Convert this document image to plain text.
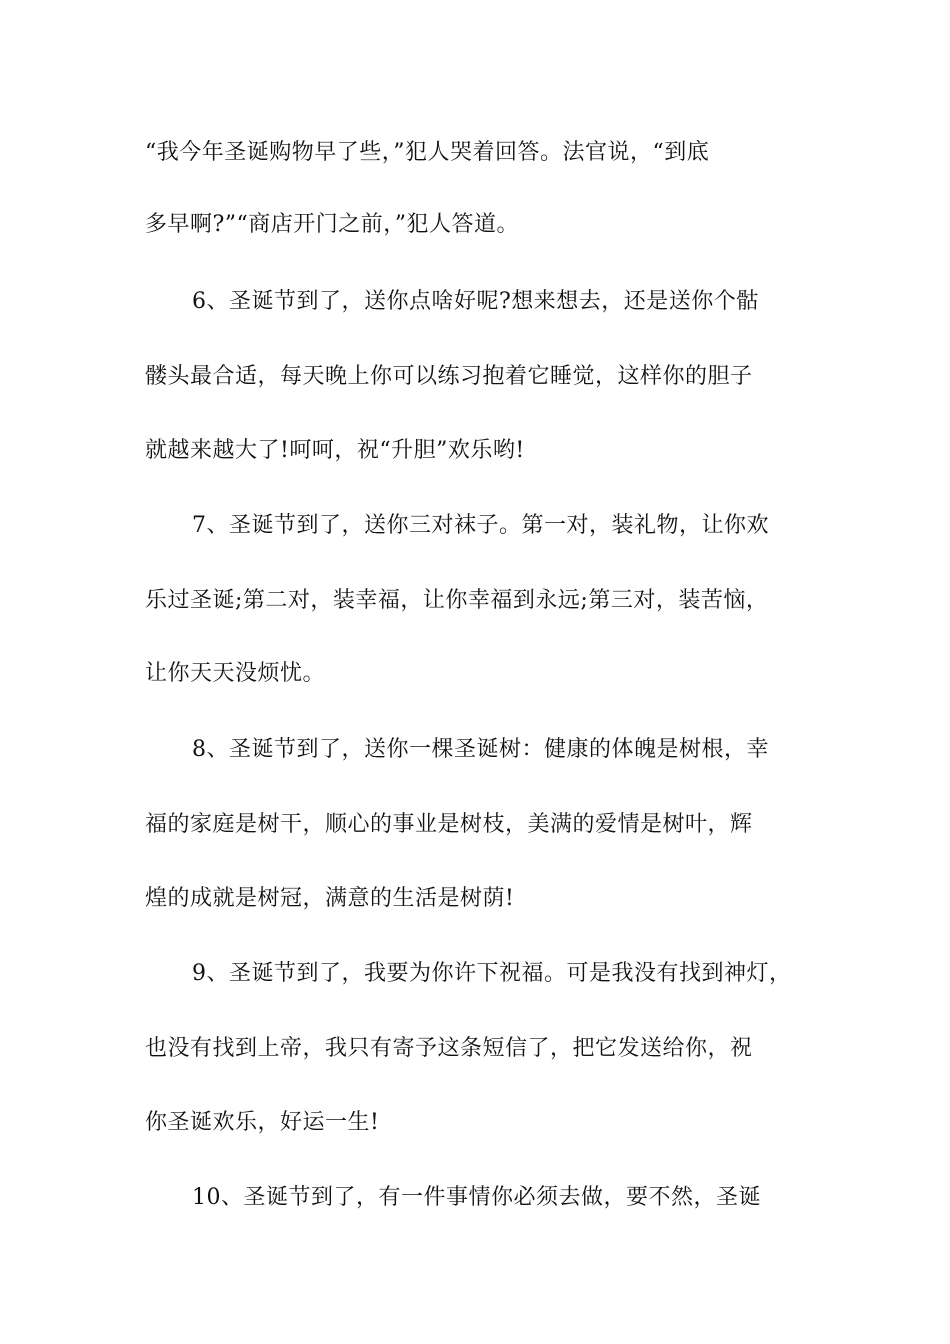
“我今年圣诞购物早了些，”犯人哭着回答。法官说，“到底
多早啊?”“商店开门之前，”犯人答道。
6、圣诞节到了，送你点啥好呢?想来想去，还是送你个骷
髅头最合适，每天晚上你可以练习抱着它睡觉，这样你的胆子
就越来越大了!呵呵，祝“升胆”欢乐哟!
7、圣诞节到了，送你三对袜子。第一对，装礼物，让你欢
乐过圣诞;第二对，装幸福，让你幸福到永远;第三对，装苦恼，
让你天天没烦忧。
8、圣诞节到了，送你一棵圣诞树：健康的体魄是树根，幸
福的家庭是树干，顺心的事业是树枝，美满的爱情是树叶，辉
煌的成就是树冠，满意的生活是树荫!
9、圣诞节到了，我要为你许下祝福。可是我没有找到神灯，
也没有找到上帝，我只有寄予这条短信了，把它发送给你，祝
你圣诞欢乐，好运一生!
10、圣诞节到了，有一件事情你必须去做，要不然，圣诞
